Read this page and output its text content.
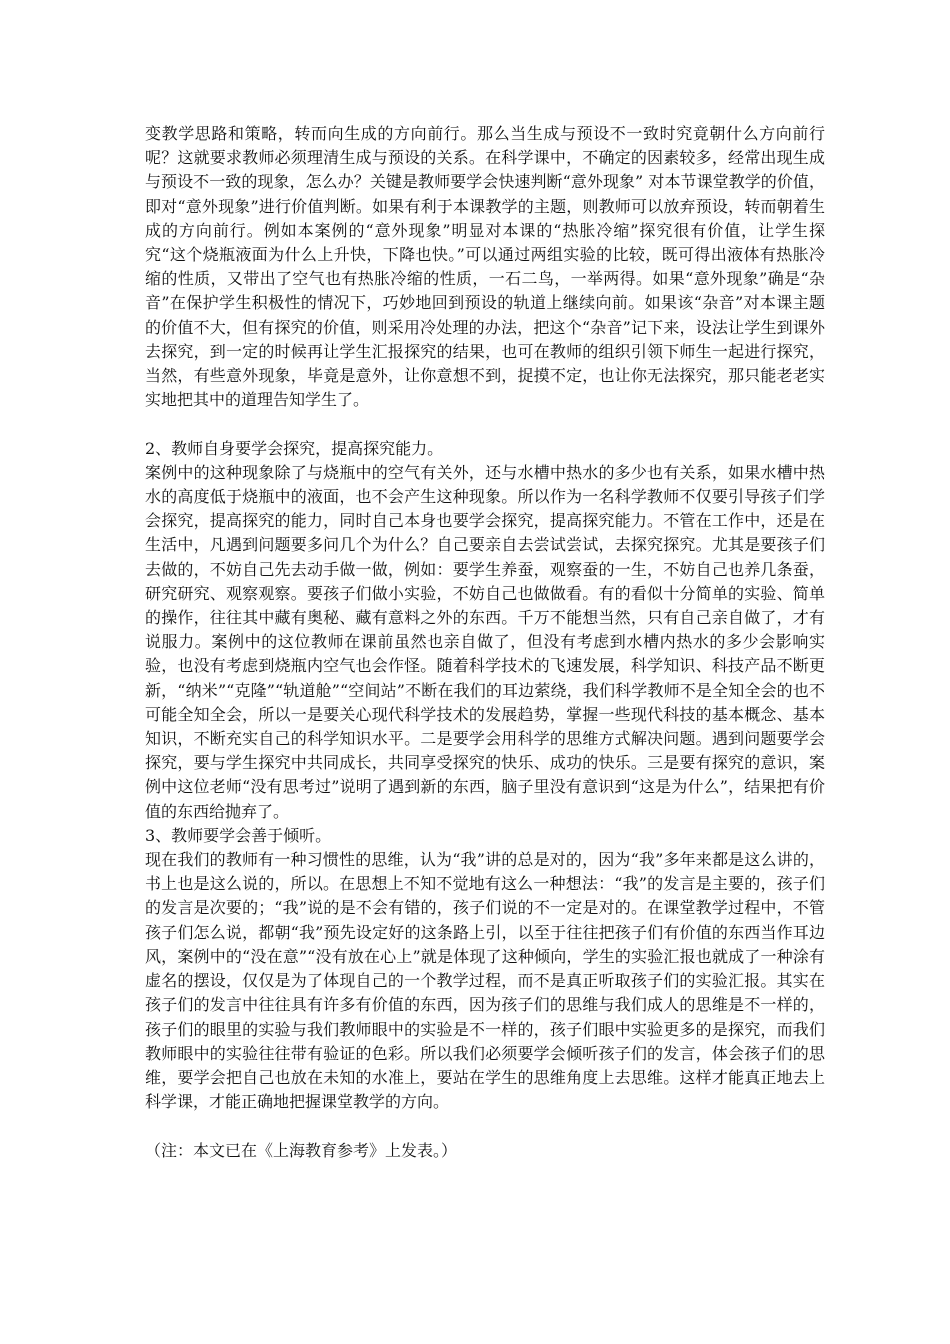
变教学思路和策略，转而向生成的方向前行。那么当生成与预设不一致时究竟朝什么方向前行呢？这就要求教师必须理清生成与预设的关系。在科学课中，不确定的因素较多，经常出现生成与预设不一致的现象，怎么办？关键是教师要学会快速判断“意外现象” 对本节课堂教学的价值，即对“意外现象”进行价值判断。如果有利于本课教学的主题，则教师可以放弃预设，转而朝着生成的方向前行。例如本案例的“意外现象”明显对本课的“热胀冷缩”探究很有价值，让学生探究“这个烧瓶液面为什么上升快，下降也快。”可以通过两组实验的比较，既可得出液体有热胀冷缩的性质，又带出了空气也有热胀冷缩的性质，一石二鸟，一举两得。如果“意外现象”确是“杂音”在保护学生积极性的情况下，巧妙地回到预设的轨道上继续向前。如果该“杂音”对本课主题的价值不大，但有探究的价值，则采用冷处理的办法，把这个“杂音”记下来，设法让学生到课外去探究，到一定的时候再让学生汇报探究的结果，也可在教师的组织引领下师生一起进行探究，当然，有些意外现象，毕竟是意外，让你意想不到，捉摸不定，也让你无法探究，那只能老老实实地把其中的道理告知学生了。

2、教师自身要学会探究，提高探究能力。

案例中的这种现象除了与烧瓶中的空气有关外，还与水槽中热水的多少也有关系，如果水槽中热水的高度低于烧瓶中的液面，也不会产生这种现象。所以作为一名科学教师不仅要引导孩子们学会探究，提高探究的能力，同时自己本身也要学会探究，提高探究能力。不管在工作中，还是在生活中，凡遇到问题要多问几个为什么？自己要亲自去尝试尝试，去探究探究。尤其是要孩子们去做的，不妨自己先去动手做一做，例如：要学生养蚕，观察蚕的一生，不妨自己也养几条蚕，研究研究、观察观察。要孩子们做小实验，不妨自己也做做看。有的看似十分简单的实验、简单的操作，往往其中藏有奥秘、藏有意料之外的东西。千万不能想当然，只有自己亲自做了，才有说服力。案例中的这位教师在课前虽然也亲自做了，但没有考虑到水槽内热水的多少会影响实验，也没有考虑到烧瓶内空气也会作怪。随着科学技术的飞速发展，科学知识、科技产品不断更新，“纳米”“克隆”“轨道舱”“空间站”不断在我们的耳边萦绕，我们科学教师不是全知全会的也不可能全知全会，所以一是要关心现代科学技术的发展趋势，掌握一些现代科技的基本概念、基本知识，不断充实自己的科学知识水平。二是要学会用科学的思维方式解决问题。遇到问题要学会探究，要与学生探究中共同成长，共同享受探究的快乐、成功的快乐。三是要有探究的意识，案例中这位老师“没有思考过”说明了遇到新的东西，脑子里没有意识到“这是为什么”，结果把有价值的东西给抛弃了。

3、教师要学会善于倾听。

现在我们的教师有一种习惯性的思维，认为“我”讲的总是对的，因为“我”多年来都是这么讲的，书上也是这么说的，所以。在思想上不知不觉地有这么一种想法：“我”的发言是主要的，孩子们的发言是次要的；“我”说的是不会有错的，孩子们说的不一定是对的。在课堂教学过程中，不管孩子们怎么说，都朝“我”预先设定好的这条路上引，以至于往往把孩子们有价值的东西当作耳边风，案例中的“没在意”“没有放在心上”就是体现了这种倾向，学生的实验汇报也就成了一种涂有虚名的摆设，仅仅是为了体现自己的一个教学过程，而不是真正听取孩子们的实验汇报。其实在孩子们的发言中往往具有许多有价值的东西，因为孩子们的思维与我们成人的思维是不一样的，孩子们的眼里的实验与我们教师眼中的实验是不一样的，孩子们眼中实验更多的是探究，而我们教师眼中的实验往往带有验证的色彩。所以我们必须要学会倾听孩子们的发言，体会孩子们的思维，要学会把自己也放在未知的水准上，要站在学生的思维角度上去思维。这样才能真正地去上科学课，才能正确地把握课堂教学的方向。

（注：本文已在《上海教育参考》上发表。）
